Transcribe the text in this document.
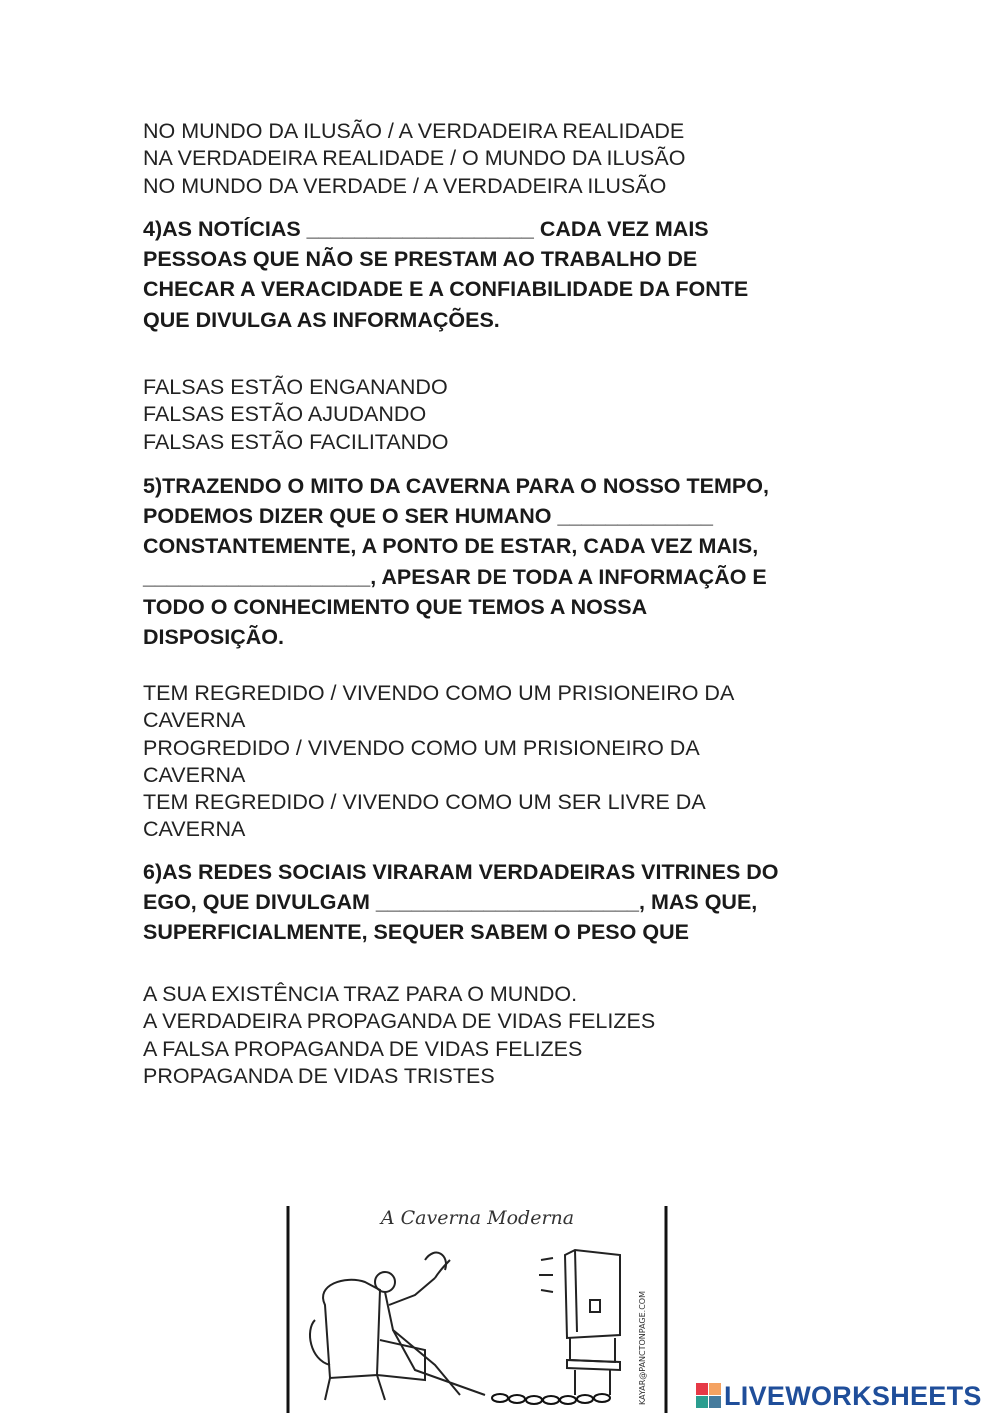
NO MUNDO DA ILUSÃO / A VERDADEIRA REALIDADE
NA VERDADEIRA REALIDADE / O MUNDO DA ILUSÃO
NO MUNDO DA VERDADE / A VERDADEIRA ILUSÃO
4)AS NOTÍCIAS ___________________ CADA VEZ MAIS
PESSOAS QUE NÃO SE PRESTAM AO TRABALHO DE
CHECAR A VERACIDADE E A CONFIABILIDADE DA FONTE
QUE DIVULGA AS INFORMAÇÕES.
FALSAS ESTÃO ENGANANDO
FALSAS ESTÃO AJUDANDO
FALSAS ESTÃO FACILITANDO
5)TRAZENDO O MITO DA CAVERNA PARA O NOSSO TEMPO,
PODEMOS DIZER QUE O SER HUMANO _____________
CONSTANTEMENTE, A PONTO DE ESTAR, CADA VEZ MAIS,
___________________, APESAR DE TODA A INFORMAÇÃO E
TODO O CONHECIMENTO QUE TEMOS A NOSSA
DISPOSIÇÃO.
TEM REGREDIDO / VIVENDO COMO UM PRISIONEIRO DA
CAVERNA
PROGREDIDO / VIVENDO COMO UM PRISIONEIRO DA
CAVERNA
TEM REGREDIDO / VIVENDO COMO UM SER LIVRE DA
CAVERNA
6)AS REDES SOCIAIS VIRARAM VERDADEIRAS VITRINES DO
EGO, QUE DIVULGAM ______________________, MAS QUE,
SUPERFICIALMENTE, SEQUER SABEM O PESO QUE
A SUA EXISTÊNCIA TRAZ PARA O MUNDO.
A VERDADEIRA PROPAGANDA DE VIDAS FELIZES
A FALSA PROPAGANDA DE VIDAS FELIZES
PROPAGANDA DE VIDAS TRISTES
KAYAR@PANCTONPAGE.COM
A Caverna Moderna
LIVEWORKSHEETS
